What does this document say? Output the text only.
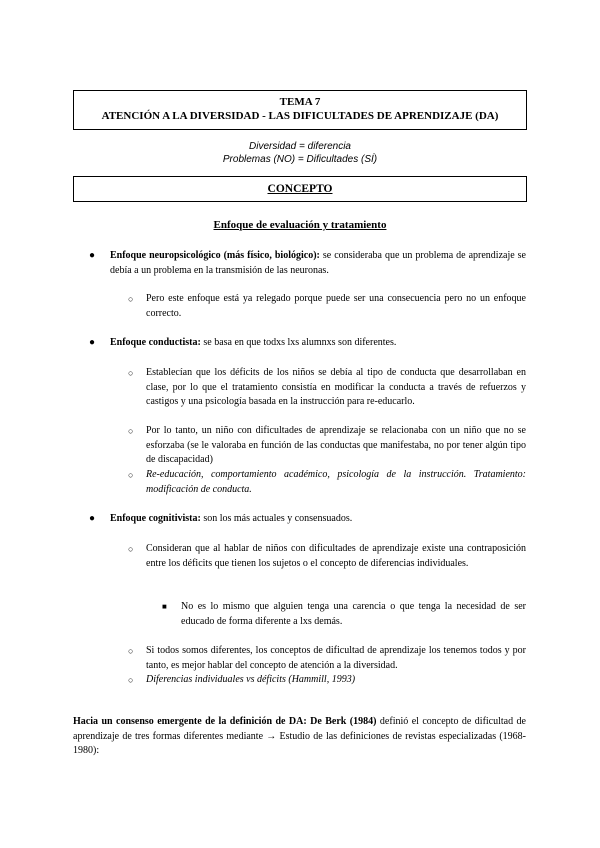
TEMA 7
ATENCIÓN A LA DIVERSIDAD - LAS DIFICULTADES DE APRENDIZAJE (DA)
Diversidad = diferencia
Problemas (NO) = Dificultades (SÍ)
CONCEPTO
Enfoque de evaluación y tratamiento
● Enfoque neuropsicológico (más físico, biológico): se consideraba que un problema de aprendizaje se debía a un problema en la transmisión de las neuronas.
○ Pero este enfoque está ya relegado porque puede ser una consecuencia pero no un enfoque correcto.
● Enfoque conductista: se basa en que todxs lxs alumnxs son diferentes.
○ Establecían que los déficits de los niños se debía al tipo de conducta que desarrollaban en clase, por lo que el tratamiento consistía en modificar la conducta a través de refuerzos y castigos y una psicología basada en la instrucción para re-educarlo.
○ Por lo tanto, un niño con dificultades de aprendizaje se relacionaba con un niño que no se esforzaba (se le valoraba en función de las conductas que manifestaba, no por tener algún tipo de discapacidad)
○ Re-educación, comportamiento académico, psicología de la instrucción. Tratamiento: modificación de conducta.
● Enfoque cognitivista: son los más actuales y consensuados.
○ Consideran que al hablar de niños con dificultades de aprendizaje existe una contraposición entre los déficits que tienen los sujetos o el concepto de diferencias individuales.
■ No es lo mismo que alguien tenga una carencia o que tenga la necesidad de ser educado de forma diferente a lxs demás.
○ Si todos somos diferentes, los conceptos de dificultad de aprendizaje los tenemos todos y por tanto, es mejor hablar del concepto de atención a la diversidad.
○ Diferencias individuales vs déficits (Hammill, 1993)
Hacia un consenso emergente de la definición de DA: De Berk (1984) definió el concepto de dificultad de aprendizaje de tres formas diferentes mediante → Estudio de las definiciones de revistas especializadas (1968-1980):
